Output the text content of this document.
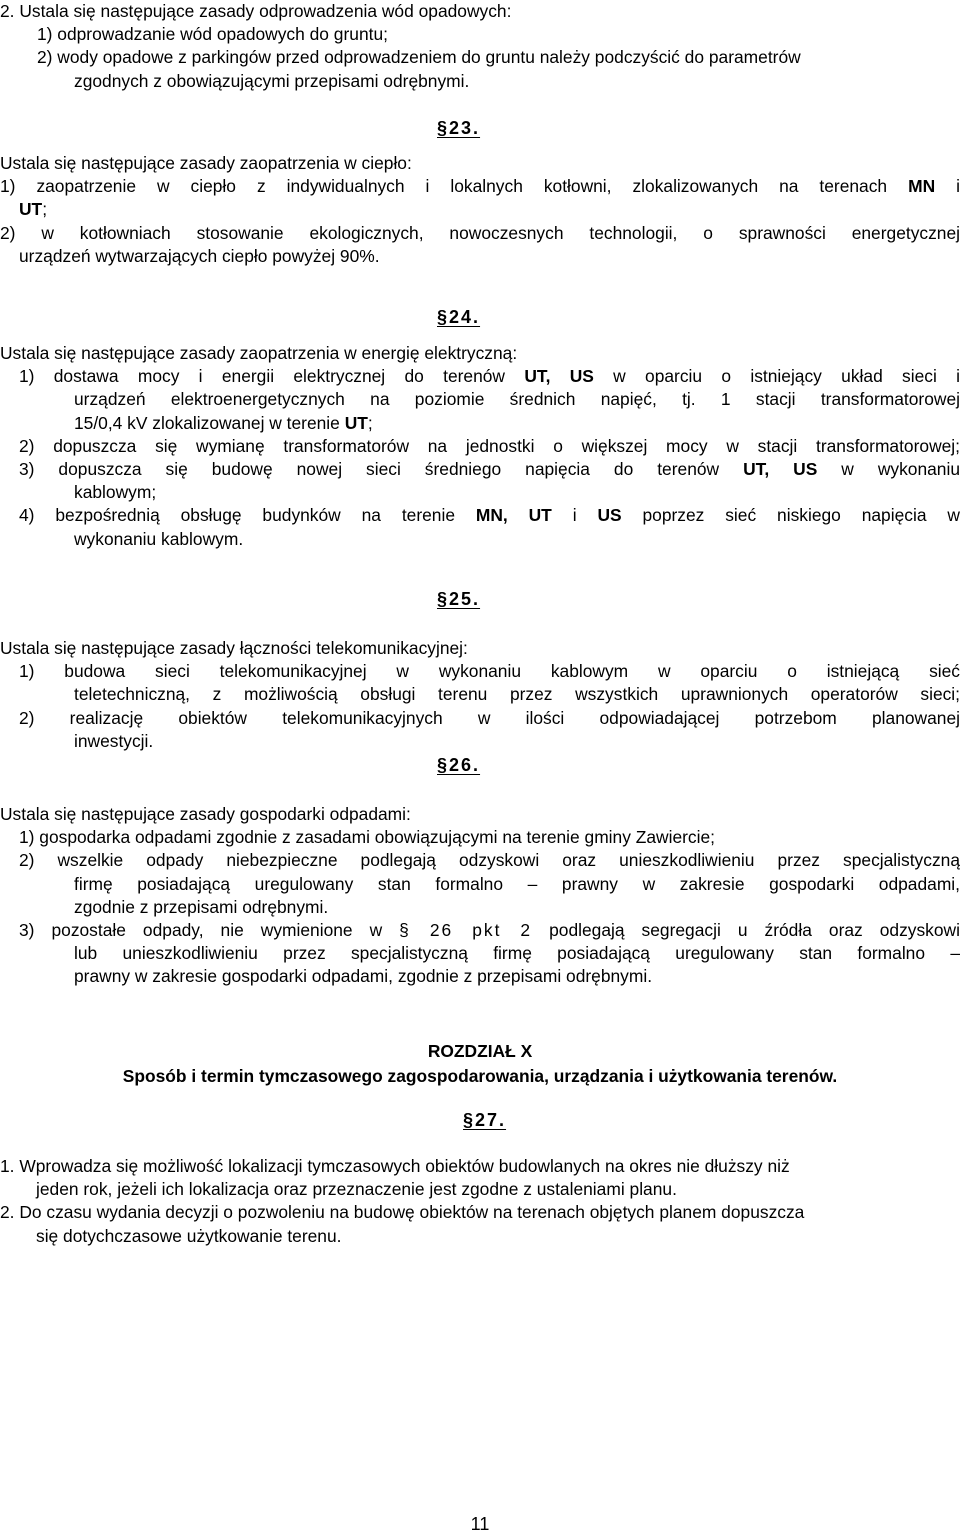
2. Ustala się następujące zasady odprowadzenia wód opadowych:
1) odprowadzanie wód opadowych do gruntu;
2) wody opadowe z parkingów przed odprowadzeniem do gruntu należy podczyścić do parametrów
zgodnych z obowiązującymi przepisami odrębnymi.
§23.
Ustala się następujące zasady zaopatrzenia w ciepło:
1) zaopatrzenie w ciepło z indywidualnych i lokalnych kotłowni, zlokalizowanych na terenach MN i
UT;
2) w kotłowniach stosowanie ekologicznych, nowoczesnych technologii, o sprawności energetycznej
urządzeń wytwarzających ciepło powyżej 90%.
§24.
Ustala się następujące zasady zaopatrzenia w energię elektryczną:
1) dostawa mocy i energii elektrycznej do terenów UT, US w oparciu o istniejący układ sieci i
urządzeń elektroenergetycznych na poziomie średnich napięć, tj. 1 stacji transformatorowej
15/0,4 kV zlokalizowanej w terenie UT;
2) dopuszcza się wymianę transformatorów na jednostki o większej mocy w stacji transformatorowej;
3) dopuszcza się budowę nowej sieci średniego napięcia do terenów UT, US w wykonaniu
kablowym;
4) bezpośrednią obsługę budynków na terenie MN, UT i US poprzez sieć niskiego napięcia w
wykonaniu kablowym.
§25.
Ustala się następujące zasady łączności telekomunikacyjnej:
1) budowa sieci telekomunikacyjnej w wykonaniu kablowym w oparciu o istniejącą sieć
teletechniczną, z możliwością obsługi terenu przez wszystkich uprawnionych operatorów sieci;
2) realizację obiektów telekomunikacyjnych w ilości odpowiadającej potrzebom planowanej
inwestycji.
§26.
Ustala się następujące zasady gospodarki odpadami:
1) gospodarka odpadami zgodnie z zasadami obowiązującymi na terenie gminy Zawiercie;
2) wszelkie odpady niebezpieczne podlegają odzyskowi oraz unieszkodliwieniu przez specjalistyczną
firmę posiadającą uregulowany stan formalno – prawny w zakresie gospodarki odpadami,
zgodnie z przepisami odrębnymi.
3) pozostałe odpady, nie wymienione w § 26 pkt 2 podlegają segregacji u źródła oraz odzyskowi
lub unieszkodliwieniu przez specjalistyczną firmę posiadającą uregulowany stan formalno –
prawny w zakresie gospodarki odpadami, zgodnie z przepisami odrębnymi.
ROZDZIAŁ X
Sposób i termin tymczasowego zagospodarowania, urządzania i użytkowania terenów.
§27.
1. Wprowadza się możliwość lokalizacji tymczasowych obiektów budowlanych na okres nie dłuższy niż
jeden rok, jeżeli ich lokalizacja oraz przeznaczenie jest zgodne z ustaleniami planu.
2. Do czasu wydania decyzji o pozwoleniu na budowę obiektów na terenach objętych planem dopuszcza
się dotychczasowe użytkowanie terenu.
11
